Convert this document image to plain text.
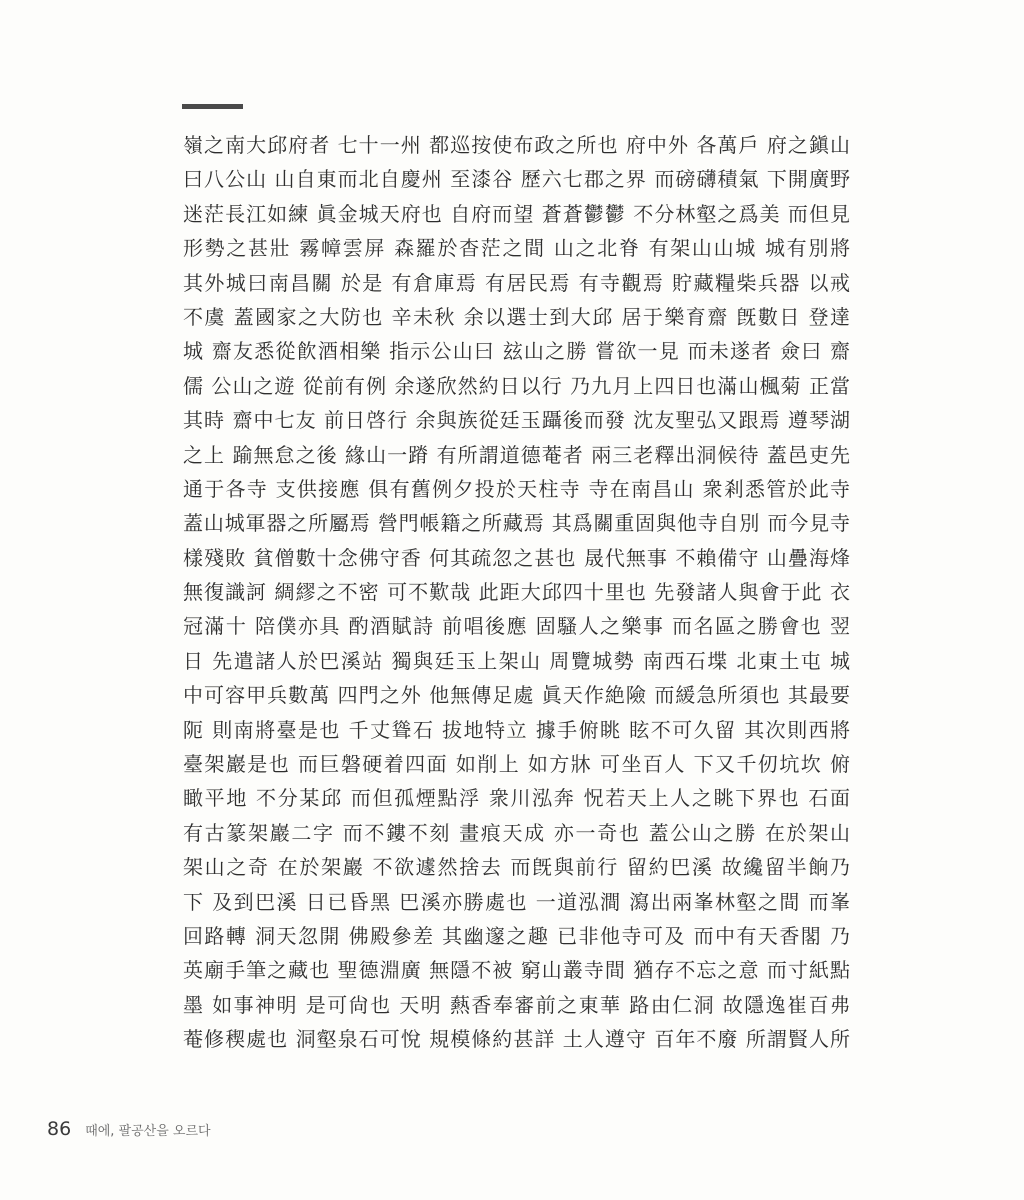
嶺之南大邱府者 七十一州 都巡按使布政之所也 府中外 各萬戶 府之鎭山
曰八公山 山自東而北自慶州 至漆谷 歷六七郡之界 而磅礴積氣 下開廣野
迷茫長江如練 眞金城天府也 自府而望 蒼蒼鬱鬱 不分林壑之爲美 而但見
形勢之甚壯 霧幛雲屏 森羅於杳茫之間 山之北脊 有架山山城 城有別將
其外城曰南昌關 於是 有倉庫焉 有居民焉 有寺觀焉 貯藏糧柴兵器 以戒
不虞 蓋國家之大防也 辛未秋 余以選士到大邱 居于樂育齋 旣數日 登達
城 齋友悉從飮酒相樂 指示公山曰 玆山之勝 嘗欲一見 而未遂者 僉曰 齋
儒 公山之遊 從前有例 余遂欣然約日以行 乃九月上四日也滿山楓菊 正當
其時 齋中七友 前日啓行 余與族從廷玉躡後而發 沈友聖弘又跟焉 遵琴湖
之上 踰無怠之後 緣山一蹐 有所謂道德菴者 兩三老釋出洞候待 蓋邑吏先
通于各寺 支供接應 俱有舊例夕投於天柱寺 寺在南昌山 衆剎悉管於此寺
蓋山城軍器之所屬焉 營門帳籍之所藏焉 其爲關重固與他寺自別 而今見寺
樣殘敗 貧僧數十念佛守香 何其疏忽之甚也 晟代無事 不賴備守 山疊海烽
無復識訶 綢繆之不密 可不歎哉 此距大邱四十里也 先發諸人與會于此 衣
冠滿十 陪僕亦具 酌酒賦詩 前唱後應 固騷人之樂事 而名區之勝會也 翌
日 先遣諸人於巴溪站 獨與廷玉上架山 周覽城勢 南西石堞 北東土屯 城
中可容甲兵數萬 四門之外 他無傳足處 眞天作絶險 而緩急所須也 其最要
阨 則南將臺是也 千丈聳石 拔地特立 據手俯眺 眩不可久留 其次則西將
臺架巖是也 而巨磐硬着四面 如削上 如方牀 可坐百人 下又千仞坑坎 俯
瞰平地 不分某邱 而但孤煙點浮 衆川泓奔 怳若天上人之眺下界也 石面
有古篆架巖二字 而不鏤不刻 畫痕天成 亦一奇也 蓋公山之勝 在於架山
架山之奇 在於架巖 不欲遽然捨去 而旣與前行 留約巴溪 故纔留半餉乃
下 及到巴溪 日已昏黑 巴溪亦勝處也 一道泓澗 瀉出兩峯林壑之間 而峯
回路轉 洞天忽開 佛殿參差 其幽邃之趣 已非他寺可及 而中有天香閣 乃
英廟手筆之藏也 聖德淵廣 無隱不被 窮山叢寺間 猶存不忘之意 而寸紙點
墨 如事神明 是可尙也 天明 爇香奉審前之東華 路由仁洞 故隱逸崔百弗
菴修稧處也 洞壑泉石可悅 規模條約甚詳 土人遵守 百年不廢 所謂賢人所
86 때에, 팔공산을 오르다
